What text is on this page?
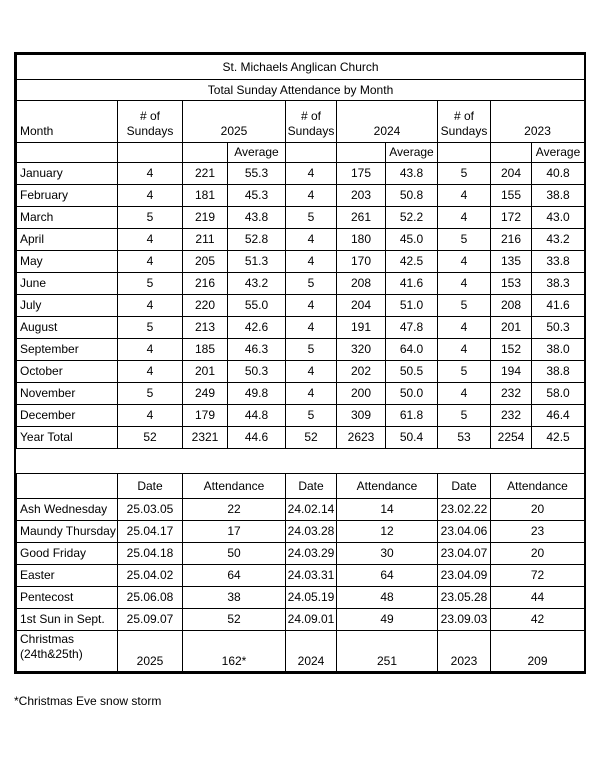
St. Michaels Anglican Church									
Total Sunday Attendance by Month									
Month	# of Sundays	2025		# of Sundays	2024		# of Sundays	2023	
			Average			Average			Average
January	4	221	55.3	4	175	43.8	5	204	40.8
February	4	181	45.3	4	203	50.8	4	155	38.8
March	5	219	43.8	5	261	52.2	4	172	43.0
April	4	211	52.8	4	180	45.0	5	216	43.2
May	4	205	51.3	4	170	42.5	4	135	33.8
June	5	216	43.2	5	208	41.6	4	153	38.3
July	4	220	55.0	4	204	51.0	5	208	41.6
August	5	213	42.6	4	191	47.8	4	201	50.3
September	4	185	46.3	5	320	64.0	4	152	38.0
October	4	201	50.3	4	202	50.5	5	194	38.8
November	5	249	49.8	4	200	50.0	4	232	58.0
December	4	179	44.8	5	309	61.8	5	232	46.4
Year Total	52	2321	44.6	52	2623	50.4	53	2254	42.5
	Date	Attendance	Date	Attendance	Date	Attendance
Ash Wednesday	25.03.05	22	24.02.14	14	23.02.22	20
Maundy Thursday	25.04.17	17	24.03.28	12	23.04.06	23
Good Friday	25.04.18	50	24.03.29	30	23.04.07	20
Easter	25.04.02	64	24.03.31	64	23.04.09	72
Pentecost	25.06.08	38	24.05.19	48	23.05.28	44
1st Sun in Sept.	25.09.07	52	24.09.01	49	23.09.03	42

Christmas
(24th&25th)	2025	162*	2024	251	2023	209
*Christmas Eve snow storm
